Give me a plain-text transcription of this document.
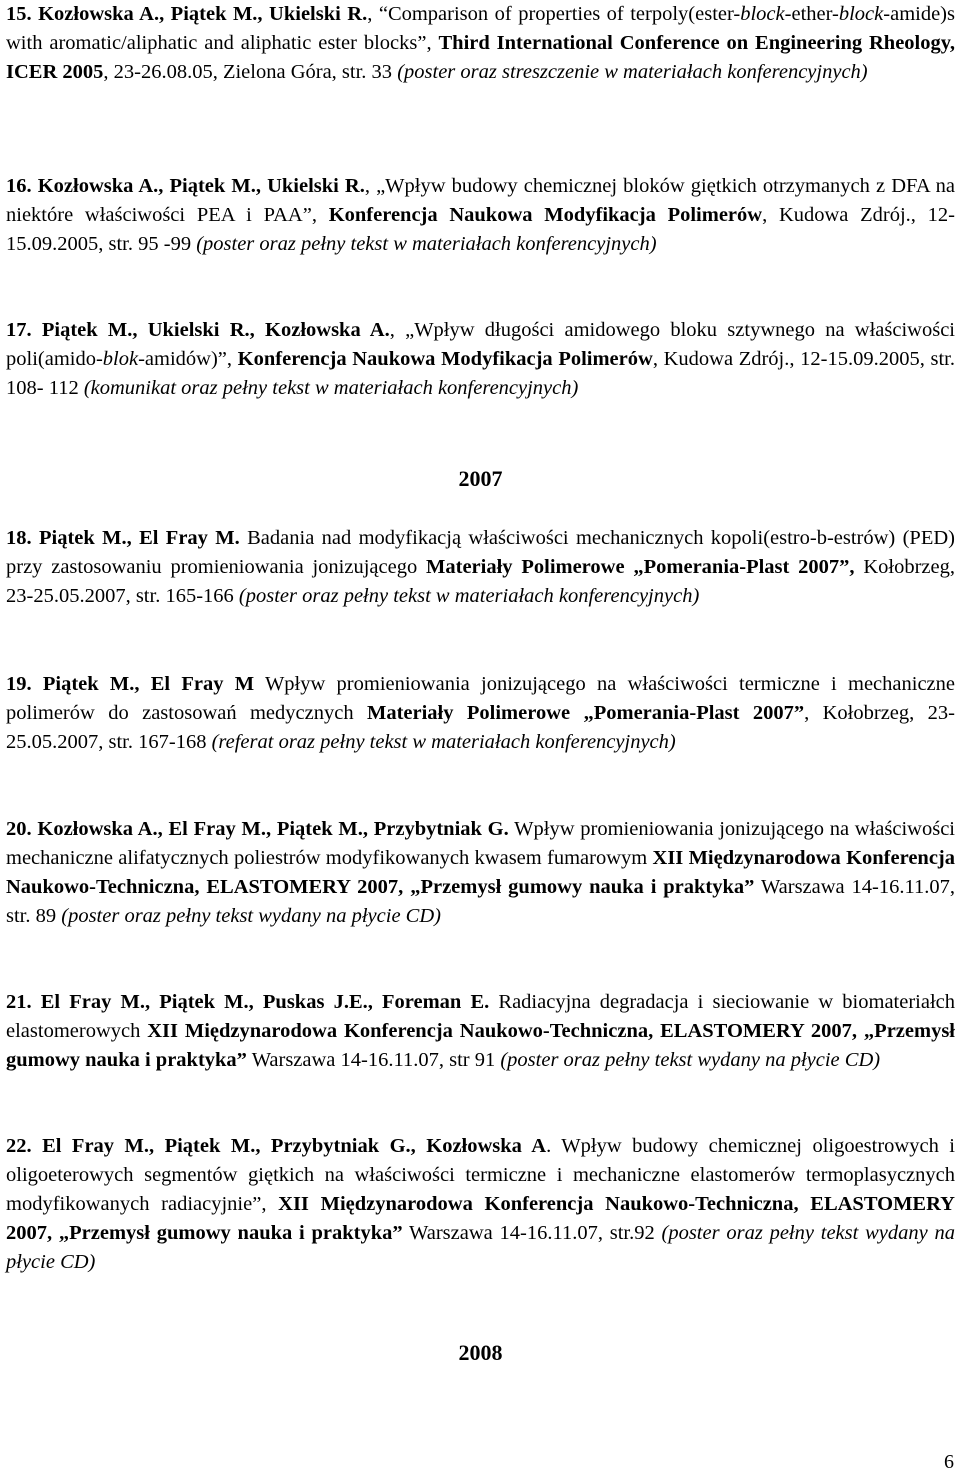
15. Kozłowska A., Piątek M., Ukielski R., “Comparison of properties of terpoly(ester-block-ether-block-amide)s with aromatic/aliphatic and aliphatic ester blocks”, Third International Conference on Engineering Rheology, ICER 2005, 23-26.08.05, Zielona Góra, str. 33 (poster oraz streszczenie w materiałach konferencyjnych)

16. Kozłowska A., Piątek M., Ukielski R., „Wpływ budowy chemicznej bloków giętkich otrzymanych z DFA na niektóre właściwości PEA i PAA”, Konferencja Naukowa Modyfikacja Polimerów, Kudowa Zdrój., 12-15.09.2005, str. 95 -99 (poster oraz pełny tekst w materiałach konferencyjnych)

17. Piątek M., Ukielski R., Kozłowska A., „Wpływ długości amidowego bloku sztywnego na właściwości poli(amido-blok-amidów)”, Konferencja Naukowa Modyfikacja Polimerów, Kudowa Zdrój., 12-15.09.2005, str. 108- 112 (komunikat oraz pełny tekst w materiałach konferencyjnych)

2007

18. Piątek M., El Fray M. Badania nad modyfikacją właściwości mechanicznych kopoli(estro-b-estrów) (PED) przy zastosowaniu promieniowania jonizującego Materiały Polimerowe „Pomerania-Plast 2007”, Kołobrzeg, 23-25.05.2007, str. 165-166 (poster oraz pełny tekst w materiałach konferencyjnych)

19. Piątek M., El Fray M Wpływ promieniowania jonizującego na właściwości termiczne i mechaniczne polimerów do zastosowań medycznych Materiały Polimerowe „Pomerania-Plast 2007”, Kołobrzeg, 23-25.05.2007, str. 167-168 (referat oraz pełny tekst w materiałach konferencyjnych)

20. Kozłowska A., El Fray M., Piątek M., Przybytniak G. Wpływ promieniowania jonizującego na właściwości mechaniczne alifatycznych poliestrów modyfikowanych kwasem fumarowym XII Międzynarodowa Konferencja Naukowo-Techniczna, ELASTOMERY 2007, „Przemysł gumowy nauka i praktyka” Warszawa 14-16.11.07, str. 89 (poster oraz pełny tekst wydany na płycie CD)

21. El Fray M., Piątek M., Puskas J.E., Foreman E. Radiacyjna degradacja i sieciowanie w biomateriałch elastomerowych XII Międzynarodowa Konferencja Naukowo-Techniczna, ELASTOMERY 2007, „Przemysł gumowy nauka i praktyka” Warszawa 14-16.11.07, str 91 (poster oraz pełny tekst wydany na płycie CD)

22. El Fray M., Piątek M., Przybytniak G., Kozłowska A. Wpływ budowy chemicznej oligoestrowych i oligoeterowych segmentów giętkich na właściwości termiczne i mechaniczne elastomerów termoplasycznych modyfikowanych radiacyjnie”, XII Międzynarodowa Konferencja Naukowo-Techniczna, ELASTOMERY 2007, „Przemysł gumowy nauka i praktyka” Warszawa 14-16.11.07, str.92 (poster oraz pełny tekst wydany na płycie CD)

2008

6
